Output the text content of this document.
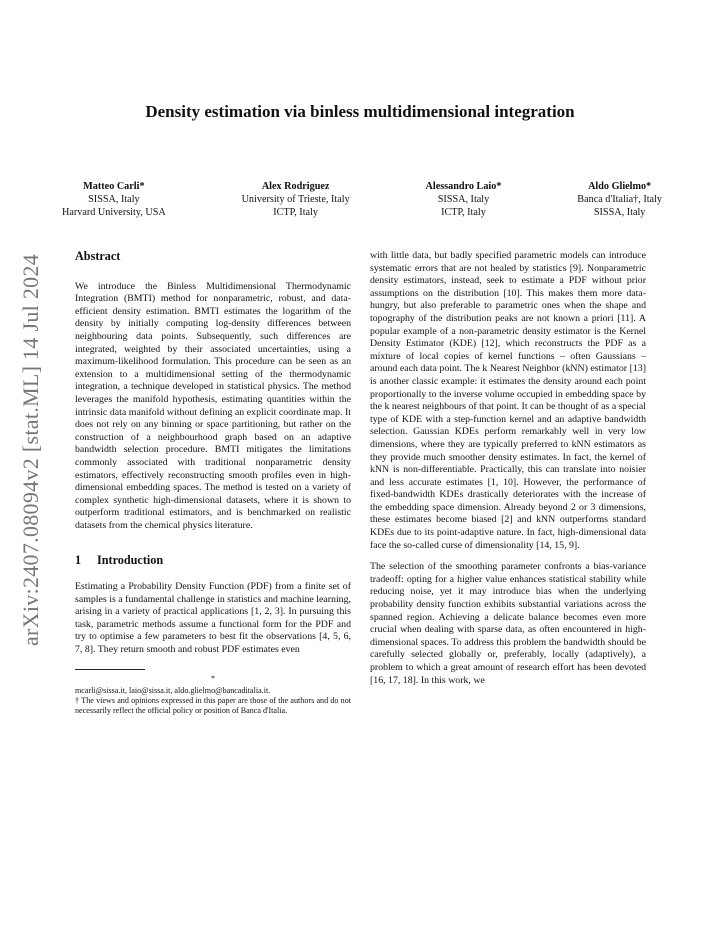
arXiv:2407.08094v2 [stat.ML] 14 Jul 2024
Density estimation via binless multidimensional integration
Matteo Carli*
SISSA, Italy
Harvard University, USA
Alex Rodriguez
University of Trieste, Italy
ICTP, Italy
Alessandro Laio*
SISSA, Italy
ICTP, Italy
Aldo Glielmo*
Banca d'Italia†, Italy
SISSA, Italy
Abstract

We introduce the Binless Multidimensional Thermodynamic Integration (BMTI) method for nonparametric, robust, and data-efficient density estimation. BMTI estimates the logarithm of the density by initially computing log-density differences between neighbouring data points. Subsequently, such differences are integrated, weighted by their associated uncertainties, using a maximum-likelihood formulation. This procedure can be seen as an extension to a multidimensional setting of the thermodynamic integration, a technique developed in statistical physics. The method leverages the manifold hypothesis, estimating quantities within the intrinsic data manifold without defining an explicit coordinate map. It does not rely on any binning or space partitioning, but rather on the construction of a neighbourhood graph based on an adaptive bandwidth selection procedure. BMTI mitigates the limitations commonly associated with traditional nonparametric density estimators, effectively reconstructing smooth profiles even in high-dimensional embedding spaces. The method is tested on a variety of complex synthetic high-dimensional datasets, where it is shown to outperform traditional estimators, and is benchmarked on realistic datasets from the chemical physics literature.

1 Introduction

Estimating a Probability Density Function (PDF) from a finite set of samples is a fundamental challenge in statistics and machine learning, arising in a variety of practical applications [1, 2, 3]. In pursuing this task, parametric methods assume a functional form for the PDF and try to optimise a few parameters to best fit the observations [4, 5, 6, 7, 8]. They return smooth and robust PDF estimates even

*
mcarli@sissa.it, laio@sissa.it, aldo.glielmo@bancaditalia.it.
† The views and opinions expressed in this paper are those of the authors and do not necessarily reflect the official policy or position of Banca d'Italia.

with little data, but badly specified parametric models can introduce systematic errors that are not healed by statistics [9]. Nonparametric density estimators, instead, seek to estimate a PDF without prior assumptions on the distribution [10]. This makes them more data-hungry, but also preferable to parametric ones when the shape and topography of the distribution peaks are not known a priori [11]. A popular example of a non-parametric density estimator is the Kernel Density Estimator (KDE) [12], which reconstructs the PDF as a mixture of local copies of kernel functions – often Gaussians – around each data point. The k Nearest Neighbor (kNN) estimator [13] is another classic example: it estimates the density around each point proportionally to the inverse volume occupied in embedding space by the k nearest neighbours of that point. It can be thought of as a special type of KDE with a step-function kernel and an adaptive bandwidth selection. Gaussian KDEs perform remarkably well in very low dimensions, where they are typically preferred to kNN estimators as they provide much smoother density estimates. In fact, the kernel of kNN is non-differentiable. Practically, this can translate into noisier and less accurate estimates [1, 10]. However, the performance of fixed-bandwidth KDEs drastically deteriorates with the increase of the embedding space dimension. Already beyond 2 or 3 dimensions, these estimates become biased [2] and kNN outperforms standard KDEs due to its point-adaptive nature. In fact, high-dimensional data face the so-called curse of dimensionality [14, 15, 9].

The selection of the smoothing parameter confronts a bias-variance tradeoff: opting for a higher value enhances statistical stability while reducing noise, yet it may introduce bias when the underlying probability density function exhibits substantial variations across the spanned region. Achieving a delicate balance becomes even more crucial when dealing with sparse data, as often encountered in high-dimensional spaces. To address this problem the bandwidth should be carefully selected globally or, preferably, locally (adaptively), a problem to which a great amount of research effort has been devoted [16, 17, 18]. In this work, we
